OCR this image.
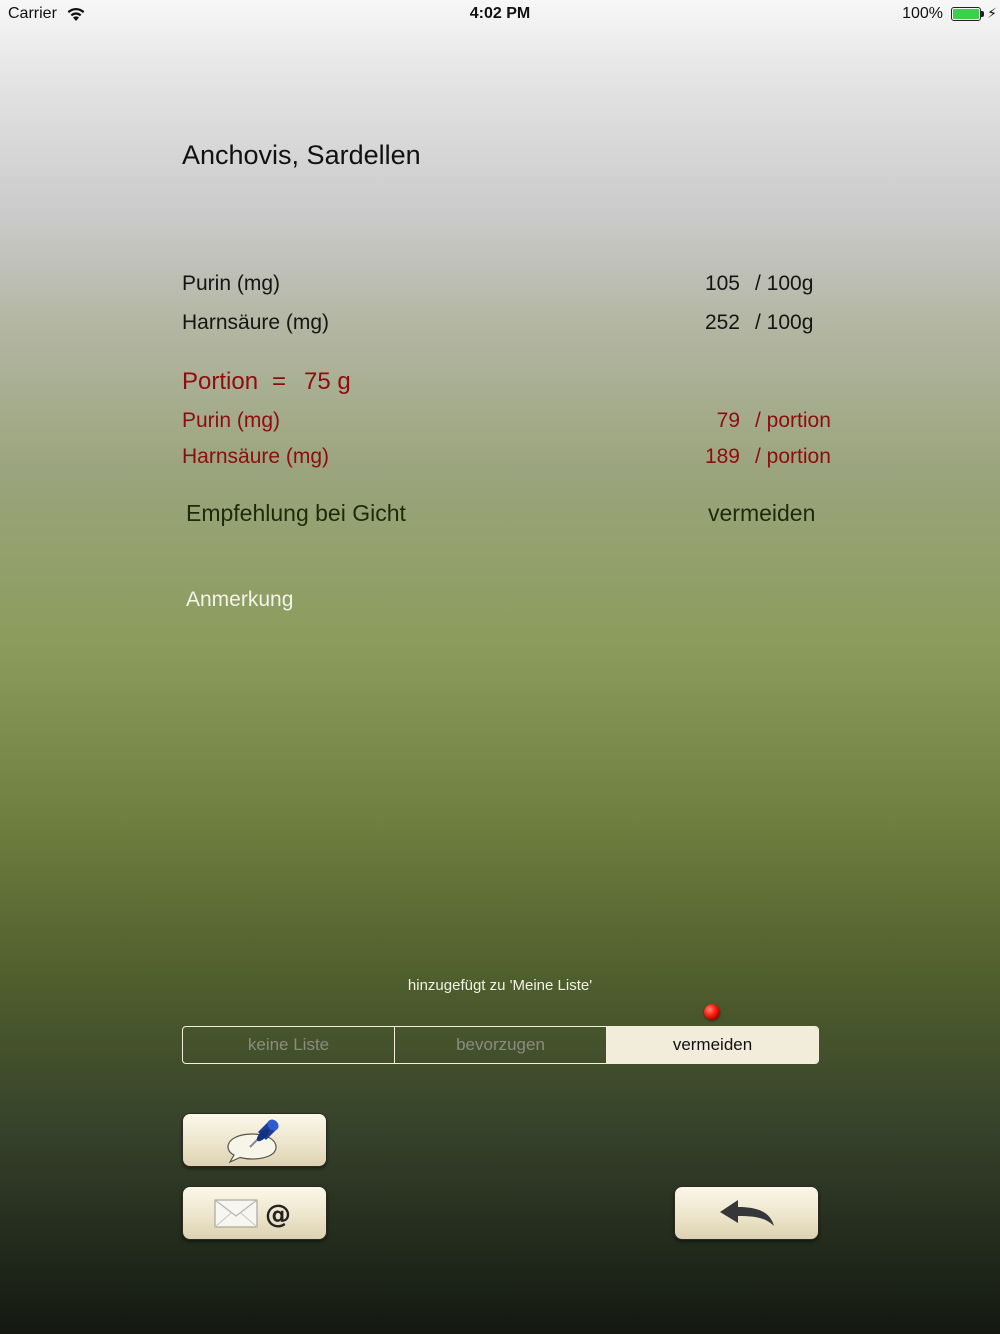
Carrier	4:02 PM	100%	⚡
Anchovis, Sardellen
Purin (mg)	105 / 100g
Harnsäure (mg)	252 / 100g
Portion = 75 g
Purin (mg)	79 / portion
Harnsäure (mg)	189 / portion
Empfehlung bei Gicht	vermeiden
Anmerkung
hinzugefügt zu 'Meine Liste'
keine Liste	bevorzugen	vermeiden
@
